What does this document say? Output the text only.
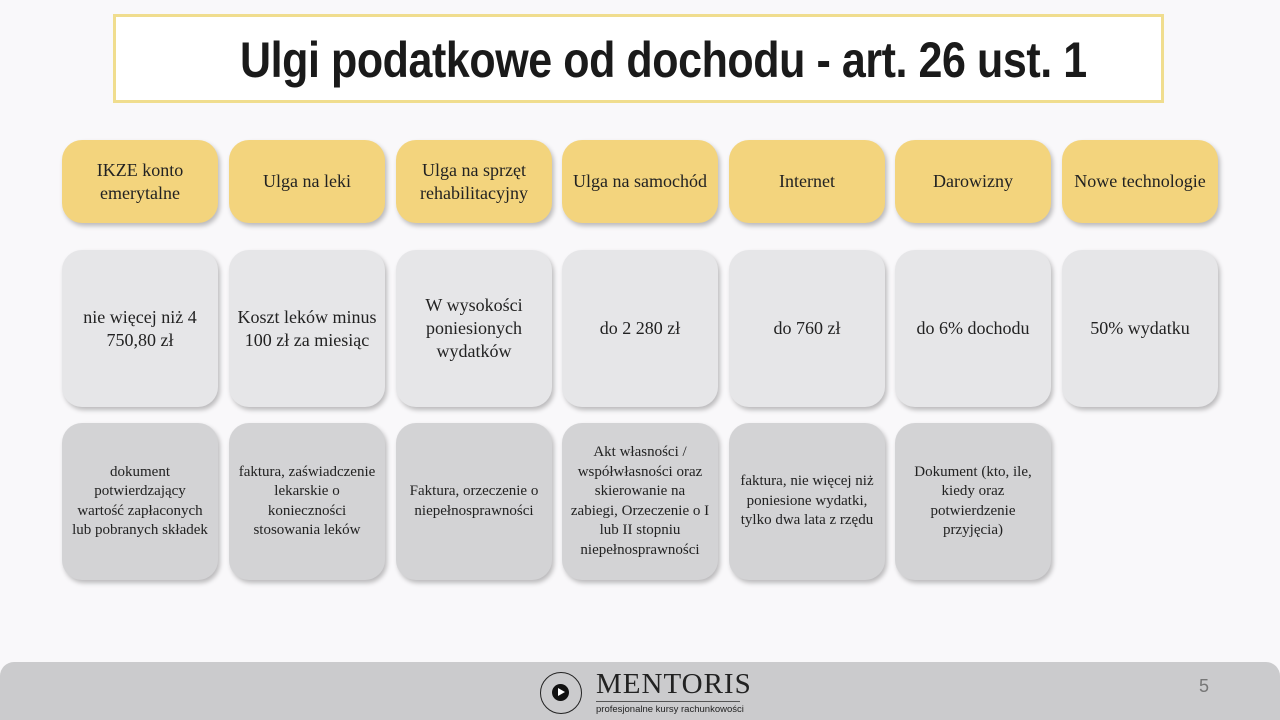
Ulgi podatkowe od dochodu - art. 26 ust. 1
IKZE konto emerytalne
nie więcej niż 4 750,80 zł
dokument potwierdzający wartość zapłaconych lub pobranych składek
Ulga na leki
Koszt leków minus 100 zł za miesiąc
faktura, zaświadczenie lekarskie o konieczności stosowania leków
Ulga na sprzęt rehabilitacyjny
W wysokości poniesionych wydatków
Faktura, orzeczenie o niepełnosprawności
Ulga na samochód
do 2 280 zł
Akt własności / współwłasności oraz skierowanie na zabiegi, Orzeczenie o I lub II stopniu niepełnosprawności
Internet
do 760 zł
faktura, nie więcej niż poniesione wydatki, tylko dwa lata z rzędu
Darowizny
do 6% dochodu
Dokument (kto, ile, kiedy oraz potwierdzenie przyjęcia)
Nowe technologie
50% wydatku
MENTORIS
profesjonalne kursy rachunkowości
5
